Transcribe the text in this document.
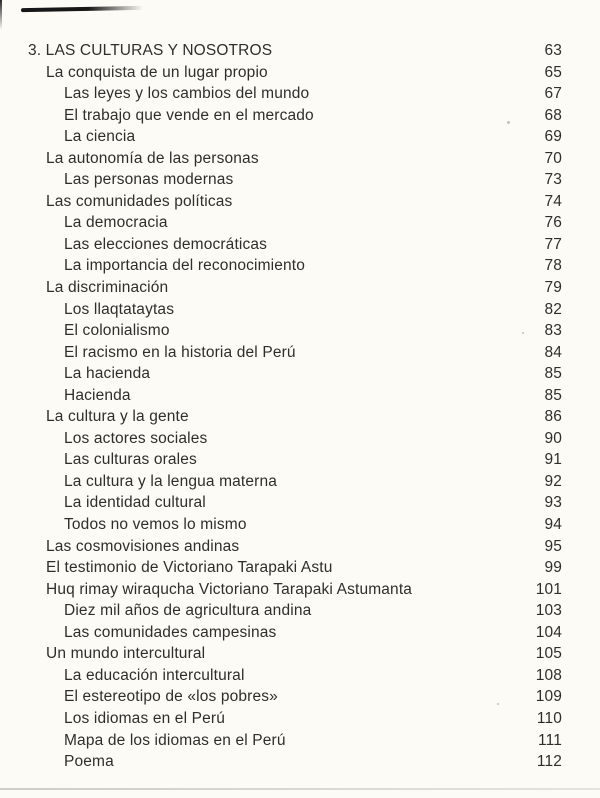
3. LAS CULTURAS Y NOSOTROS	63
La conquista de un lugar propio	65
Las leyes y los cambios del mundo	67
El trabajo que vende en el mercado	68
La ciencia	69
La autonomía de las personas	70
Las personas modernas	73
Las comunidades políticas	74
La democracia	76
Las elecciones democráticas	77
La importancia del reconocimiento	78
La discriminación	79
Los llaqtataytas	82
El colonialismo	83
El racismo en la historia del Perú	84
La hacienda	85
Hacienda	85
La cultura y la gente	86
Los actores sociales	90
Las culturas orales	91
La cultura y la lengua materna	92
La identidad cultural	93
Todos no vemos lo mismo	94
Las cosmovisiones andinas	95
El testimonio de Victoriano Tarapaki Astu	99
Huq rimay wiraqucha Victoriano Tarapaki Astumanta	101
Diez mil años de agricultura andina	103
Las comunidades campesinas	104
Un mundo intercultural	105
La educación intercultural	108
El estereotipo de «los pobres»	109
Los idiomas en el Perú	110
Mapa de los idiomas en el Perú	111
Poema	112
